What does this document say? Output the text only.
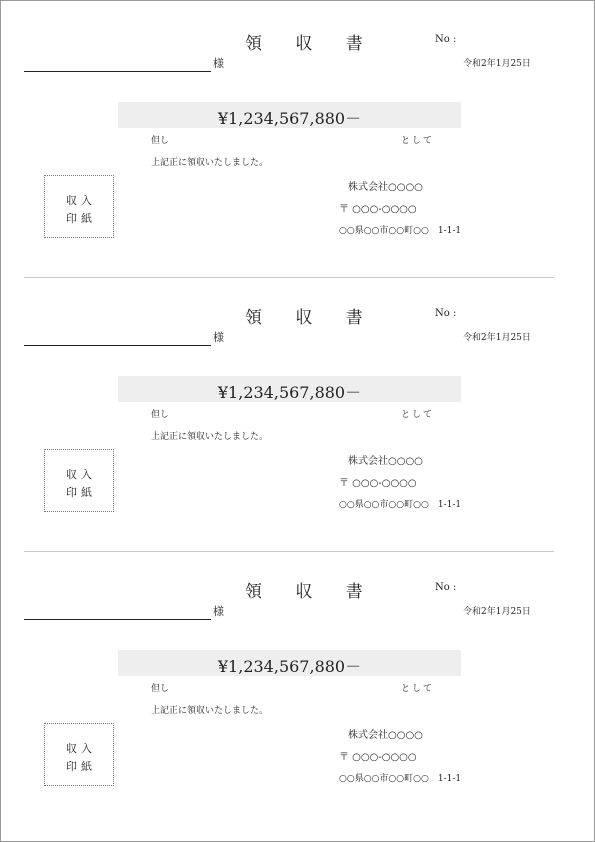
領 収 書	No :
様	令和2年1月25日
¥1,234,567,880－
但し	として
上記正に領収いたしました。
収入
印紙
株式会社○○○○
〒 ○○○-○○○○
○○県○○市○○町○○　1-1-1
領 収 書	No :
様	令和2年1月25日
¥1,234,567,880－
但し	として
上記正に領収いたしました。
収入
印紙
株式会社○○○○
〒 ○○○-○○○○
○○県○○市○○町○○　1-1-1
領 収 書	No :
様	令和2年1月25日
¥1,234,567,880－
但し	として
上記正に領収いたしました。
収入
印紙
株式会社○○○○
〒 ○○○-○○○○
○○県○○市○○町○○　1-1-1
